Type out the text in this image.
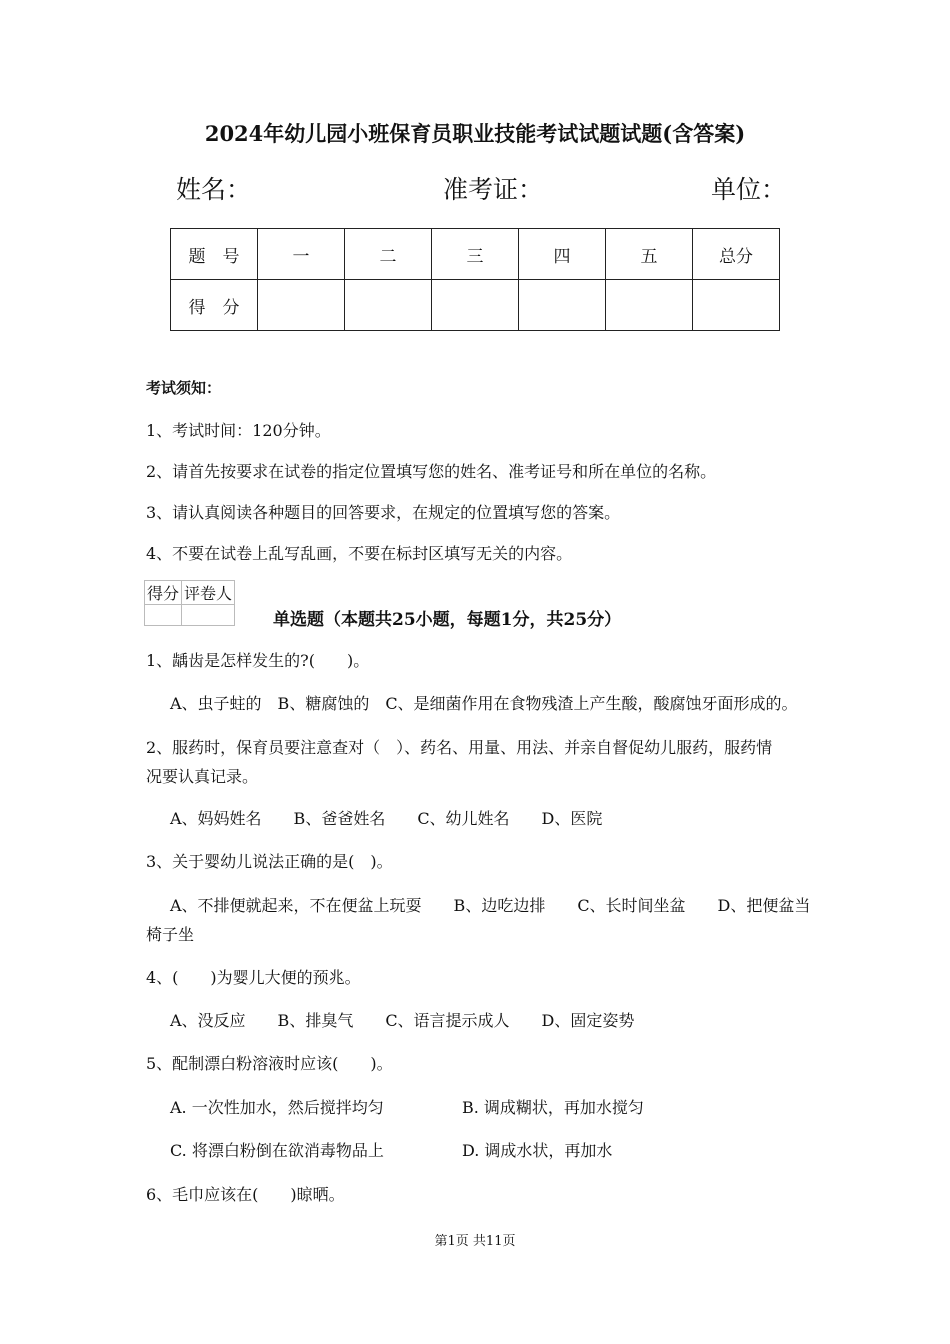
2024年幼儿园小班保育员职业技能考试试题试题(含答案)
姓名：	准考证：	单位：
题　号	一	二	三	四	五	总分
得　分						
考试须知：
1、考试时间：120分钟。
2、请首先按要求在试卷的指定位置填写您的姓名、准考证号和所在单位的名称。
3、请认真阅读各种题目的回答要求，在规定的位置填写您的答案。
4、不要在试卷上乱写乱画，不要在标封区填写无关的内容。
得分	评卷人

单选题（本题共25小题，每题1分，共25分）
1、龋齿是怎样发生的?(　　)。
A、虫子蛀的　B、糖腐蚀的　C、是细菌作用在食物残渣上产生酸，酸腐蚀牙面形成的。
2、服药时，保育员要注意查对（　）、药名、用量、用法、并亲自督促幼儿服药，服药情
况要认真记录。
A、妈妈姓名　　B、爸爸姓名　　C、幼儿姓名　　D、医院
3、关于婴幼儿说法正确的是(　)。
A、不排便就起来，不在便盆上玩耍　　B、边吃边排　　C、长时间坐盆　　D、把便盆当
椅子坐
4、(　　)为婴儿大便的预兆。
A、没反应　　B、排臭气　　C、语言提示成人　　D、固定姿势
5、配制漂白粉溶液时应该(　　)。
A. 一次性加水，然后搅拌均匀	B. 调成糊状，再加水搅匀
C. 将漂白粉倒在欲消毒物品上	D. 调成水状，再加水
6、毛巾应该在(　　)晾晒。
第1页 共11页
